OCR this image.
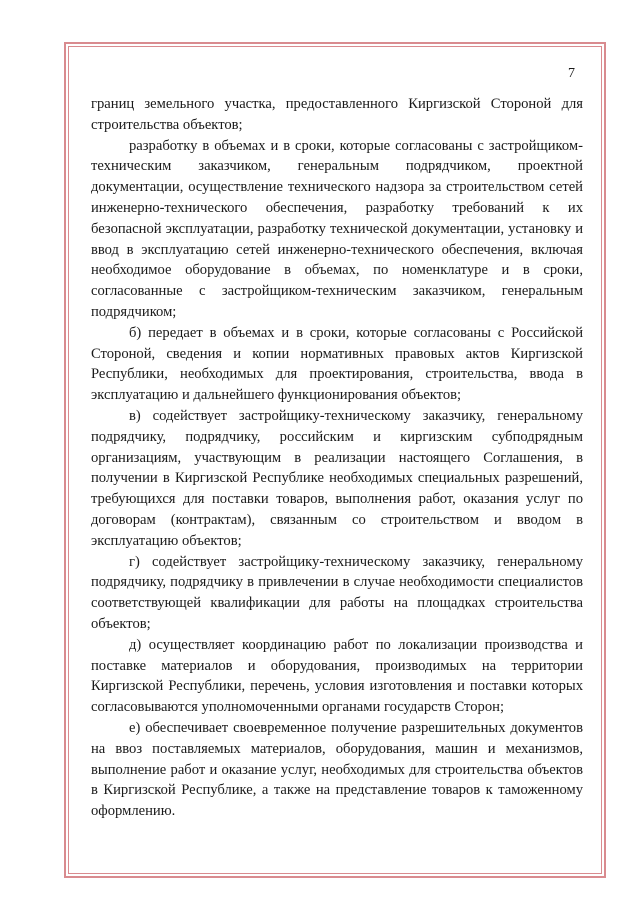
7

границ земельного участка, предоставленного Киргизской Стороной для строительства объектов;

разработку в объемах и в сроки, которые согласованы с застройщиком-техническим заказчиком, генеральным подрядчиком, проектной документации, осуществление технического надзора за строительством сетей инженерно-технического обеспечения, разработку требований к их безопасной эксплуатации, разработку технической документации, установку и ввод в эксплуатацию сетей инженерно-технического обеспечения, включая необходимое оборудование в объемах, по номенклатуре и в сроки, согласованные с застройщиком-техническим заказчиком, генеральным подрядчиком;

б) передает в объемах и в сроки, которые согласованы с Российской Стороной, сведения и копии нормативных правовых актов Киргизской Республики, необходимых для проектирования, строительства, ввода в эксплуатацию и дальнейшего функционирования объектов;

в) содействует застройщику-техническому заказчику, генеральному подрядчику, подрядчику, российским и киргизским субподрядным организациям, участвующим в реализации настоящего Соглашения, в получении в Киргизской Республике необходимых специальных разрешений, требующихся для поставки товаров, выполнения работ, оказания услуг по договорам (контрактам), связанным со строительством и вводом в эксплуатацию объектов;

г) содействует застройщику-техническому заказчику, генеральному подрядчику, подрядчику в привлечении в случае необходимости специалистов соответствующей квалификации для работы на площадках строительства объектов;

д) осуществляет координацию работ по локализации производства и поставке материалов и оборудования, производимых на территории Киргизской Республики, перечень, условия изготовления и поставки которых согласовываются уполномоченными органами государств Сторон;

е) обеспечивает своевременное получение разрешительных документов на ввоз поставляемых материалов, оборудования, машин и механизмов, выполнение работ и оказание услуг, необходимых для строительства объектов в Киргизской Республике, а также на представление товаров к таможенному оформлению.
